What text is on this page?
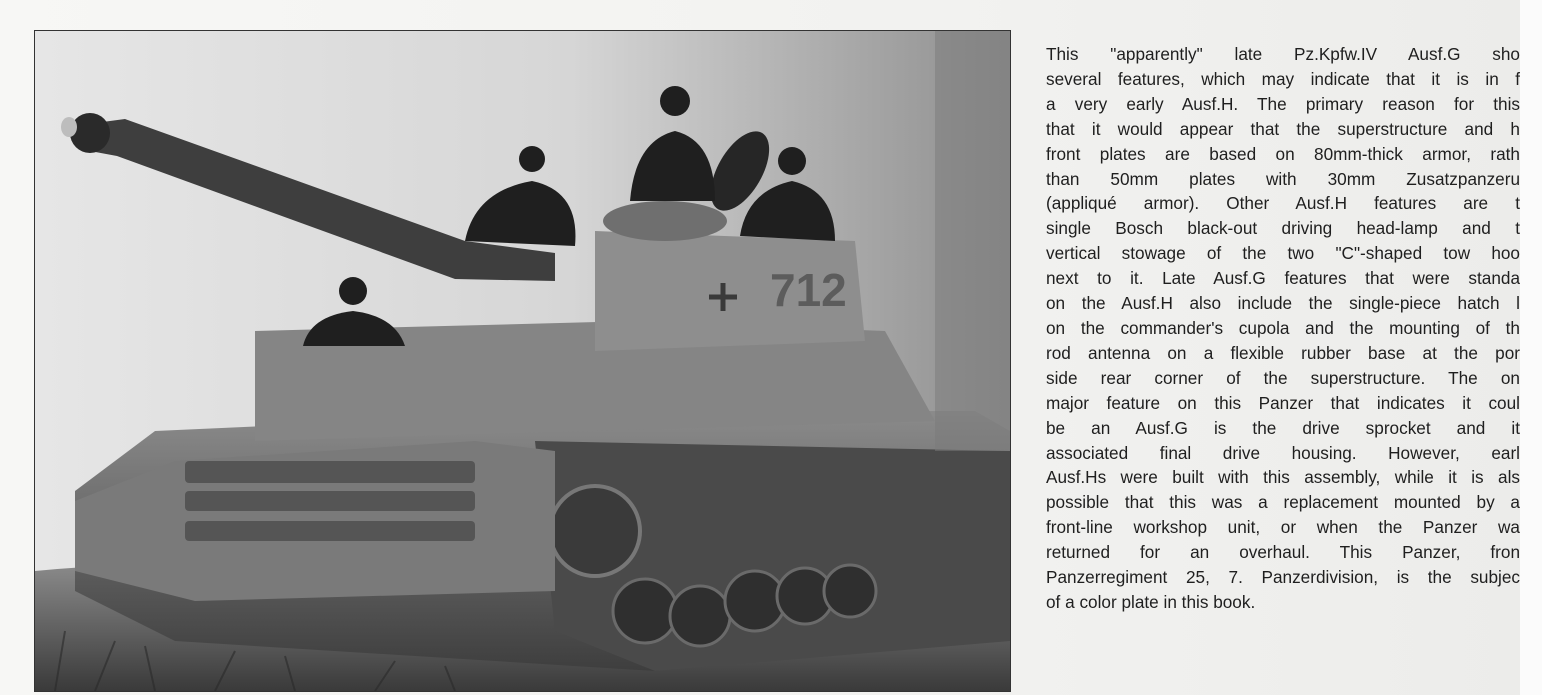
712
This "apparently" late Pz.Kpfw.IV Ausf.G sho
several features, which may indicate that it is in f
a very early Ausf.H. The primary reason for this
that it would appear that the superstructure and h
front plates are based on 80mm-thick armor, rath
than 50mm plates with 30mm Zusatzpanzeru
(appliqué armor). Other Ausf.H features are t
single Bosch black-out driving head-lamp and t
vertical stowage of the two "C"-shaped tow hoo
next to it. Late Ausf.G features that were standa
on the Ausf.H also include the single-piece hatch l
on the commander's cupola and the mounting of th
rod antenna on a flexible rubber base at the por
side rear corner of the superstructure. The on
major feature on this Panzer that indicates it coul
be an Ausf.G is the drive sprocket and it
associated final drive housing. However, earl
Ausf.Hs were built with this assembly, while it is als
possible that this was a replacement mounted by a
front-line workshop unit, or when the Panzer wa
returned for an overhaul. This Panzer, fron
Panzerregiment 25, 7. Panzerdivision, is the subjec
of a color plate in this book.
